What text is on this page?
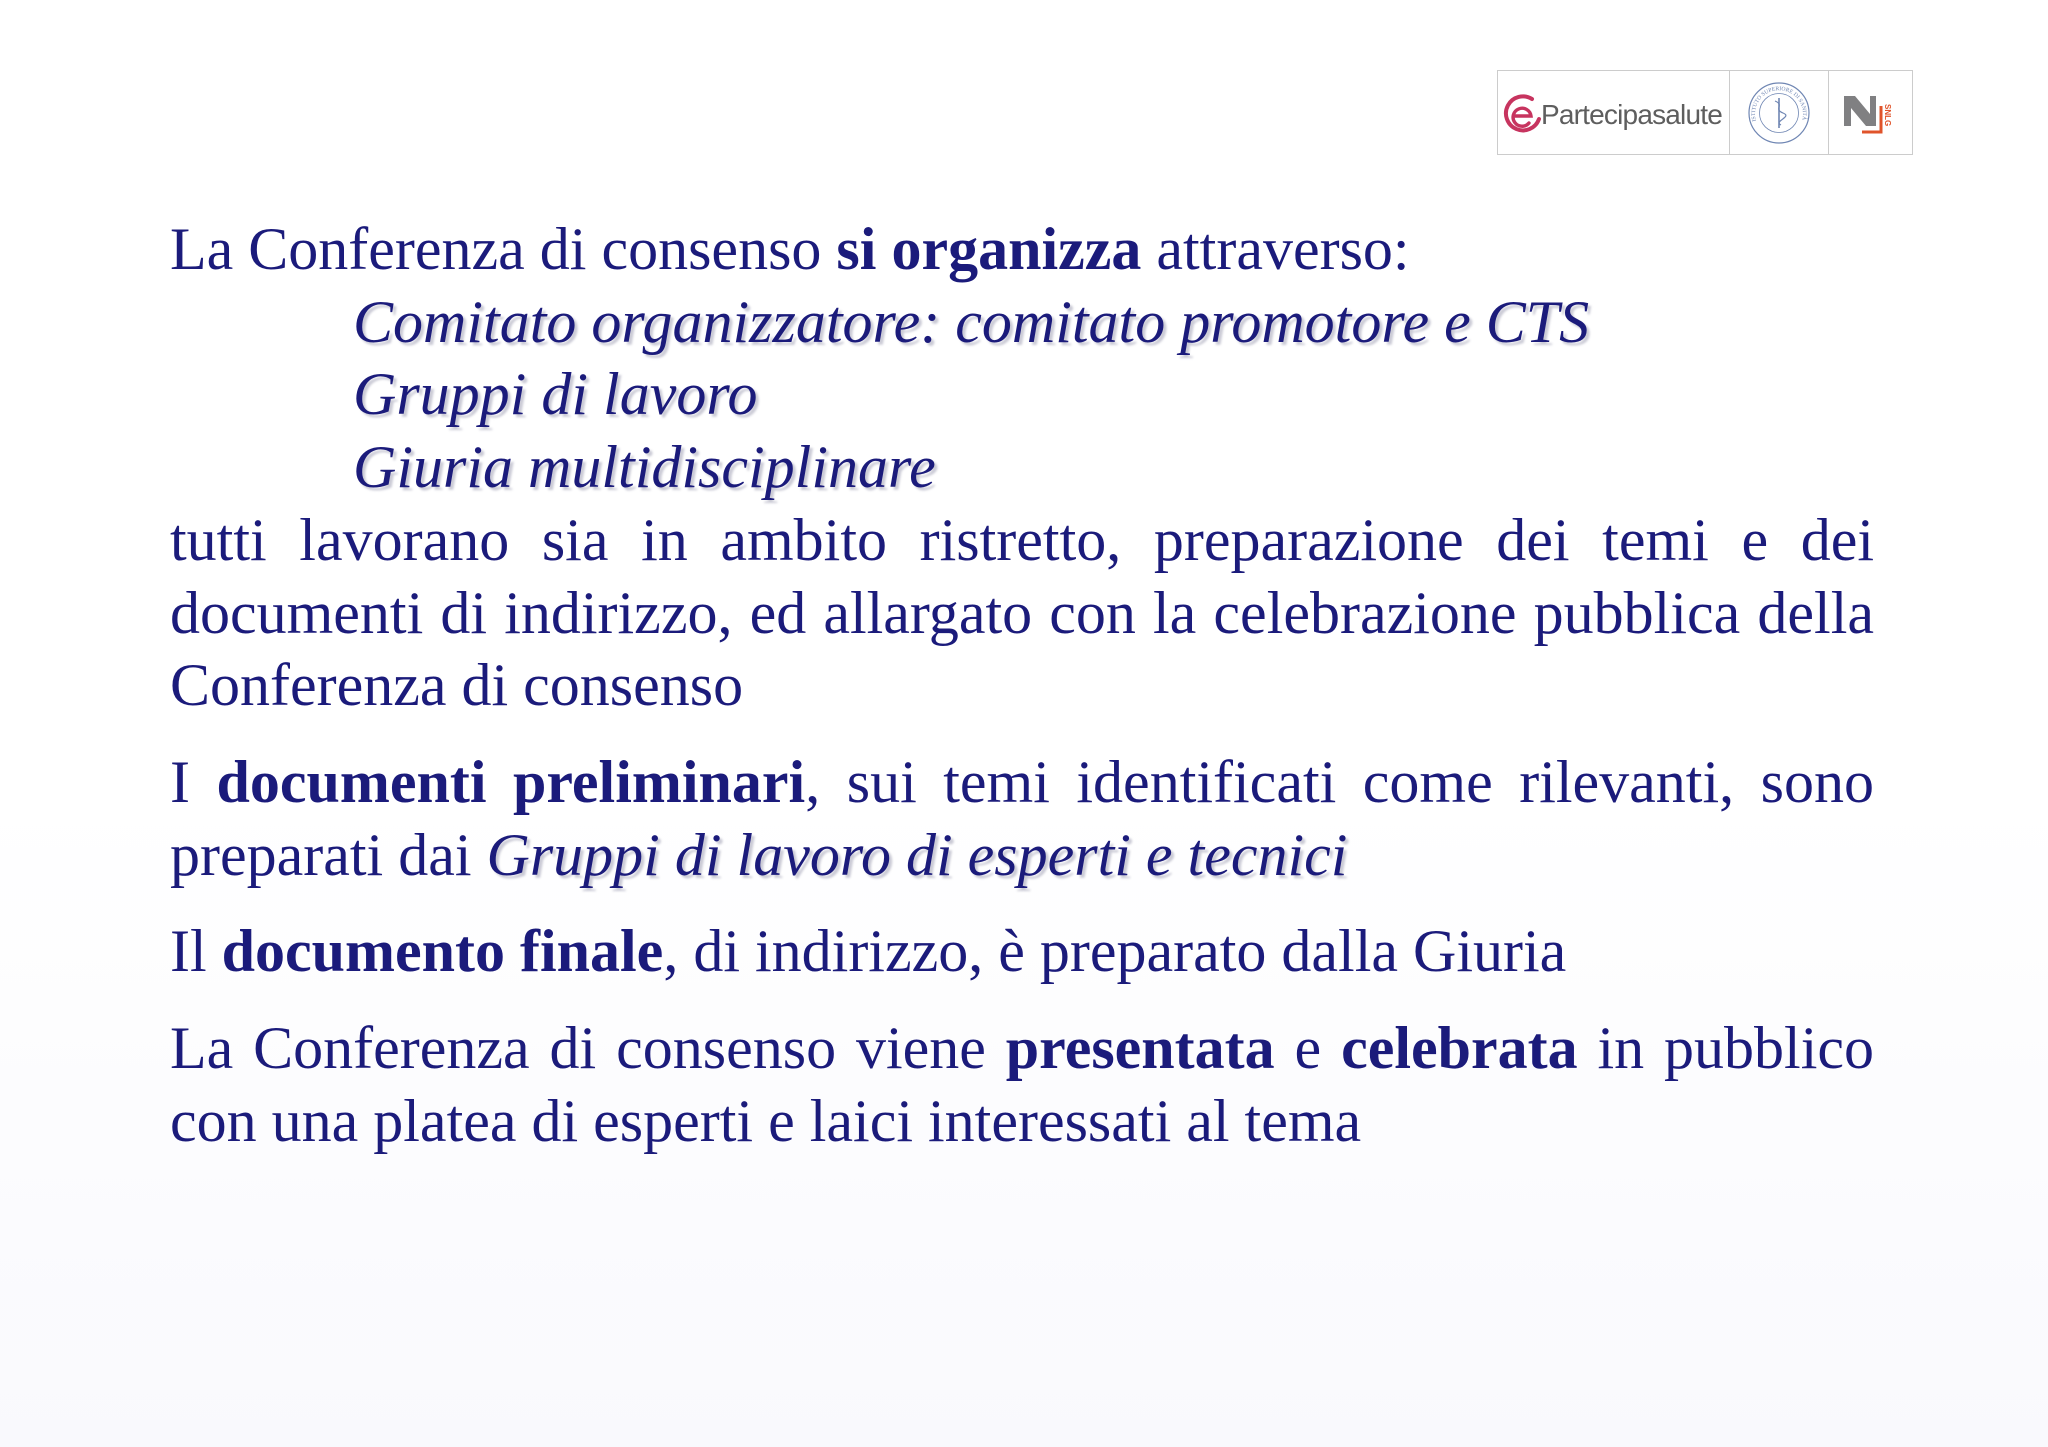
Partecipasalute	ISTITUTO SUPERIORE DI SANITÀ	SNLG

La Conferenza di consenso si organizza attraverso:

Comitato organizzatore: comitato promotore e CTS
Gruppi di lavoro
Giuria multidisciplinare

tutti lavorano sia in ambito ristretto, preparazione dei temi e dei documenti di indirizzo, ed allargato con la celebrazione pubblica della Conferenza di consenso

I documenti preliminari, sui temi identificati come rilevanti, sono preparati dai Gruppi di lavoro di esperti e tecnici

Il documento finale, di indirizzo, è preparato dalla Giuria

La Conferenza di consenso viene presentata e celebrata in pubblico con una platea di esperti e laici interessati al tema
